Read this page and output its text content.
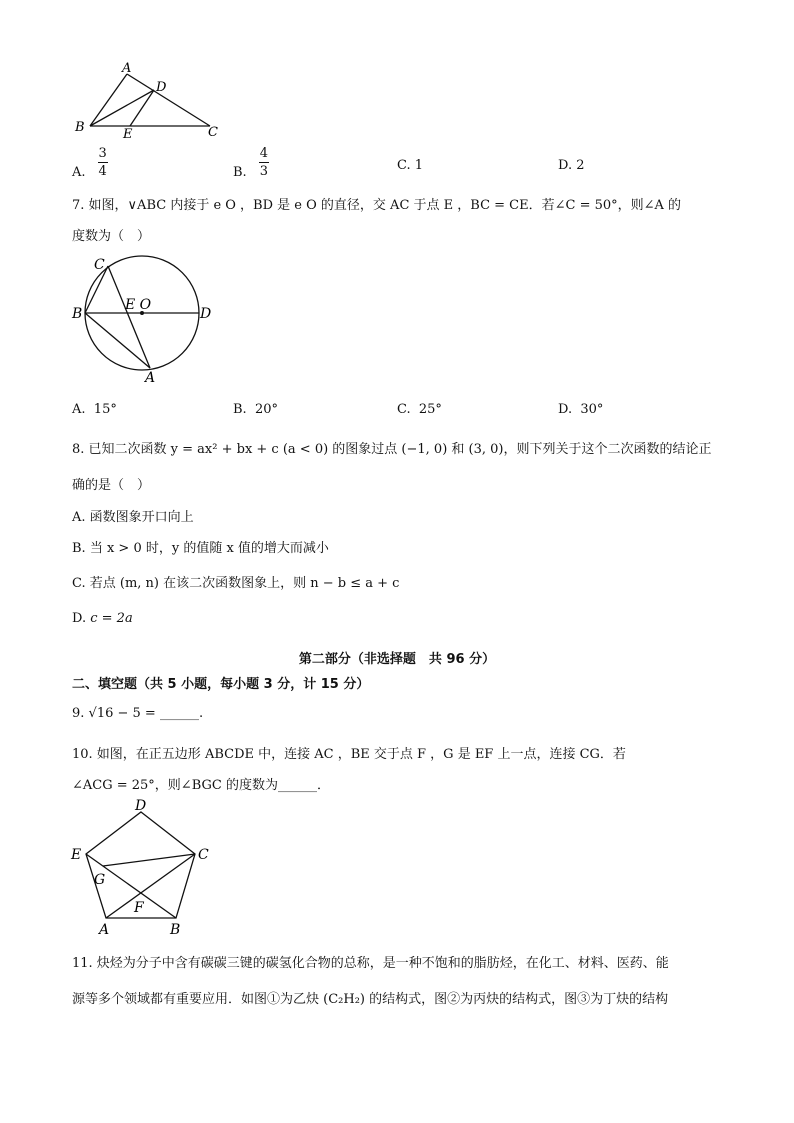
A
D
B	E	C
A. $\frac{3}{4}$	B. $\frac{4}{3}$	C. 1	D. 2
7. 如图，∨ABC 内接于 e O ，BD 是 e O 的直径，交 AC 于点 E ，BC = CE．若∠C = 50°，则∠A 的
度数为（　）
C
B
E O
D
A
A. 15°	B. 20°	C. 25°	D. 30°
8. 已知二次函数 y = ax² + bx + c (a < 0) 的图象过点 (−1, 0) 和 (3, 0)，则下列关于这个二次函数的结论正
确的是（　）
A. 函数图象开口向上
B. 当 x > 0 时，y 的值随 x 值的增大而减小
C. 若点 (m, n) 在该二次函数图象上，则 n − b ≤ a + c
D. c = 2a
第二部分（非选择题　共 96 分）
二、填空题（共 5 小题，每小题 3 分，计 15 分）
9. √16 − 5 = ______.
10. 如图，在正五边形 ABCDE 中，连接 AC ，BE 交于点 F ，G 是 EF 上一点，连接 CG．若
∠ACG = 25°，则∠BGC 的度数为______．
D
E	C
G
F
A	B
11. 炔烃为分子中含有碳碳三键的碳氢化合物的总称，是一种不饱和的脂肪烃，在化工、材料、医药、能
源等多个领域都有重要应用．如图①为乙炔 (C₂H₂) 的结构式，图②为丙炔的结构式，图③为丁炔的结构
